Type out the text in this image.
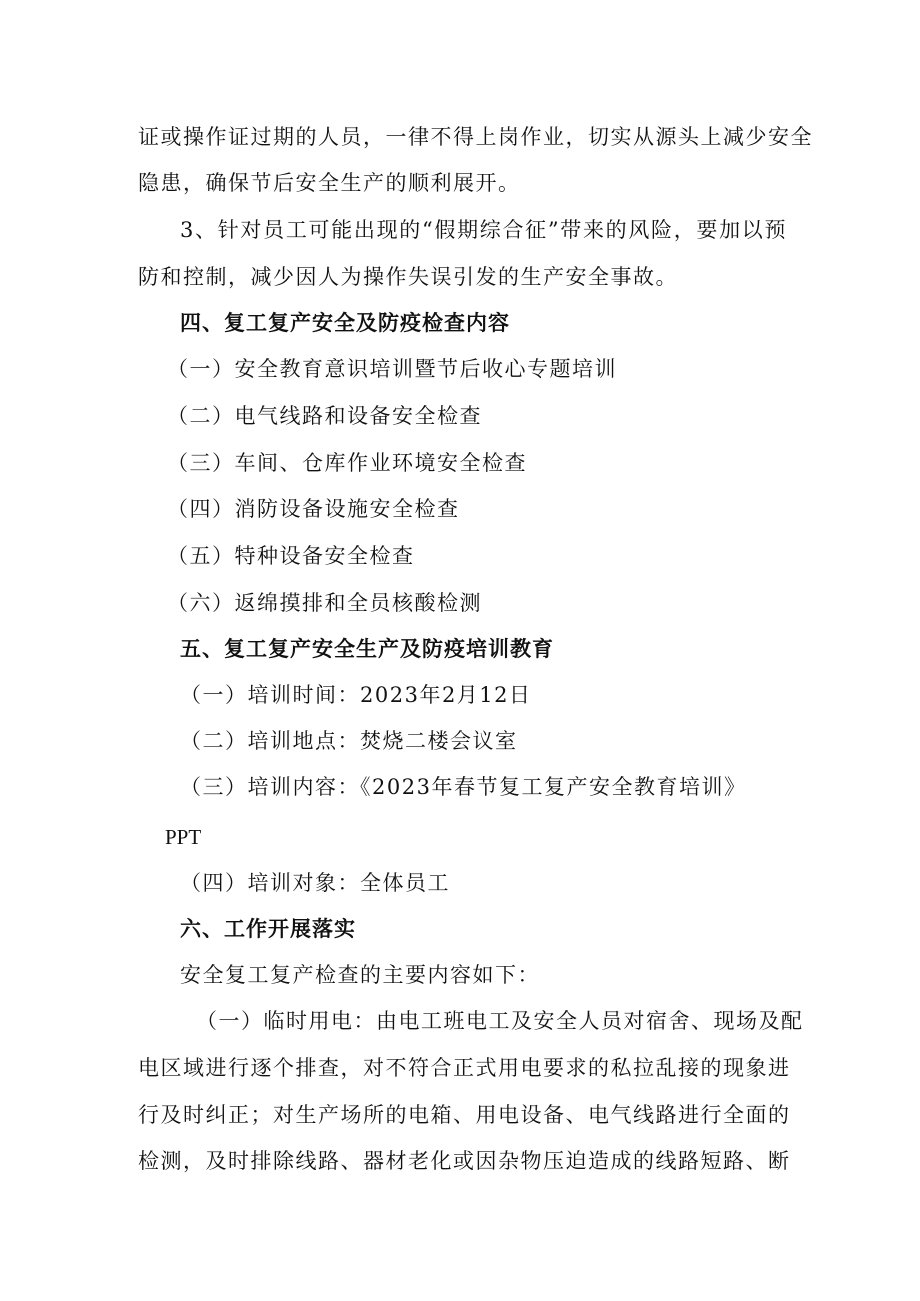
证或操作证过期的人员，一律不得上岗作业，切实从源头上减少安全
隐患，确保节后安全生产的顺利展开。
3、针对员工可能出现的“假期综合征”带来的风险，要加以预
防和控制，减少因人为操作失误引发的生产安全事故。
四、复工复产安全及防疫检查内容
（一）安全教育意识培训暨节后收心专题培训
（二）电气线路和设备安全检查
（三）车间、仓库作业环境安全检查
（四）消防设备设施安全检查
（五）特种设备安全检查
（六）返绵摸排和全员核酸检测
五、复工复产安全生产及防疫培训教育
（一）培训时间：2023年2月12日
（二）培训地点：焚烧二楼会议室
（三）培训内容：《2023年春节复工复产安全教育培训》
PPT
（四）培训对象：全体员工
六、工作开展落实
安全复工复产检查的主要内容如下：
（一）临时用电：由电工班电工及安全人员对宿舍、现场及配
电区域进行逐个排查，对不符合正式用电要求的私拉乱接的现象进
行及时纠正；对生产场所的电箱、用电设备、电气线路进行全面的
检测，及时排除线路、器材老化或因杂物压迫造成的线路短路、断
